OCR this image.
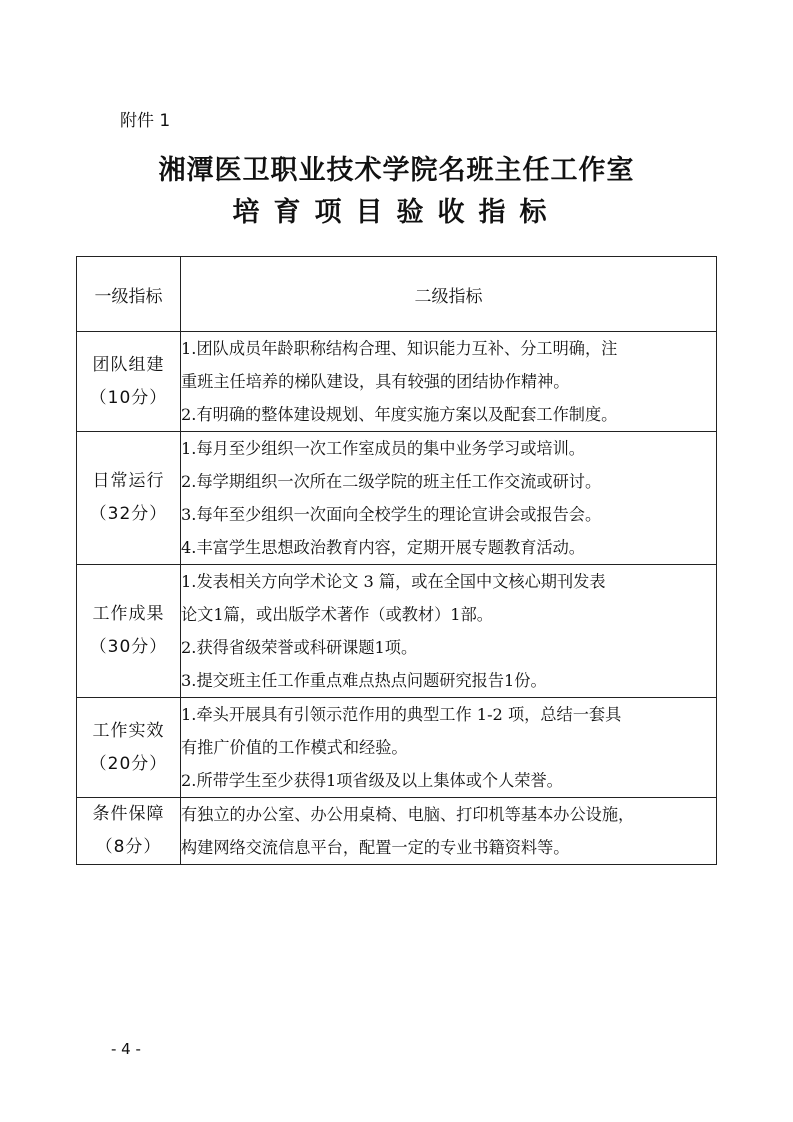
附件 1
湘潭医卫职业技术学院名班主任工作室
培育项目验收指标
一级指标	二级指标

团队组建
（10分）	1.团队成员年龄职称结构合理、知识能力互补、分工明确，注
重班主任培养的梯队建设，具有较强的团结协作精神。
2.有明确的整体建设规划、年度实施方案以及配套工作制度。

日常运行
（32分）	1.每月至少组织一次工作室成员的集中业务学习或培训。
2.每学期组织一次所在二级学院的班主任工作交流或研讨。
3.每年至少组织一次面向全校学生的理论宣讲会或报告会。
4.丰富学生思想政治教育内容，定期开展专题教育活动。

工作成果
（30分）	1.发表相关方向学术论文 3 篇，或在全国中文核心期刊发表
论文1篇，或出版学术著作（或教材）1部。
2.获得省级荣誉或科研课题1项。
3.提交班主任工作重点难点热点问题研究报告1份。

工作实效
（20分）	1.牵头开展具有引领示范作用的典型工作 1-2 项，总结一套具
有推广价值的工作模式和经验。
2.所带学生至少获得1项省级及以上集体或个人荣誉。

条件保障
（8分）	有独立的办公室、办公用桌椅、电脑、打印机等基本办公设施，
构建网络交流信息平台，配置一定的专业书籍资料等。
- 4 -
